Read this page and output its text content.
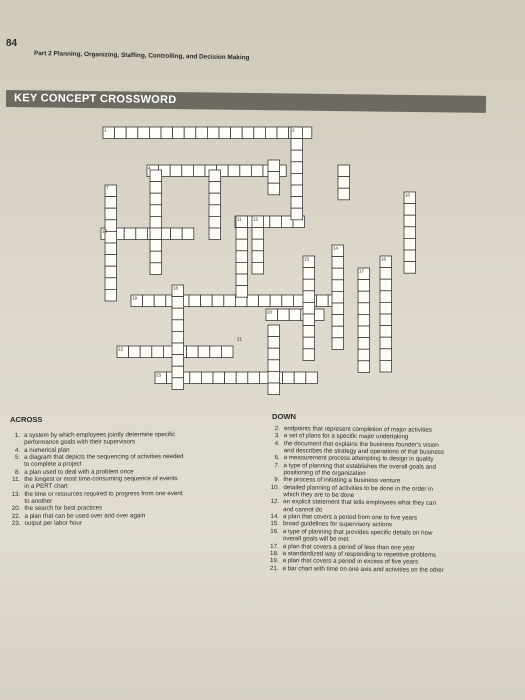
84
Part 2 Planning, Organizing, Staffing, Controlling, and Decision Making
KEY CONCEPT CROSSWORD
1	2
7
4
10
11	12
13
14
15	16
17
18
19
20
21
22
23
ACROSS	DOWN
1. a system by which employees jointly determine specific
performance goals with their supervisors
4. a numerical plan
5. a diagram that depicts the sequencing of activities needed
to complete a project
8. a plan used to deal with a problem once
11. the longest or most time-consuming sequence of events
in a PERT chart
13. the time or resources required to progress from one event
to another
20. the search for best practices
22. a plan that can be used over and over again
23. output per labor hour
2. endpoints that represent completion of major activities
3. a set of plans for a specific major undertaking
4. the document that explains the business founder's vision
and describes the strategy and operations of that business
6. a measurement process attempting to design in quality
7. a type of planning that establishes the overall goals and
positioning of the organization
9. the process of initiating a business venture
10. detailed planning of activities to be done in the order in
which they are to be done
12. an explicit statement that tells employees what they can
and cannot do
14. a plan that covers a period from one to five years
15. broad guidelines for supervisory actions
16. a type of planning that provides specific details on how
overall goals will be met
17. a plan that covers a period of less than one year
18. a standardized way of responding to repetitive problems
19. a plan that covers a period in excess of five years
21. a bar chart with time on one axis and activities on the other
